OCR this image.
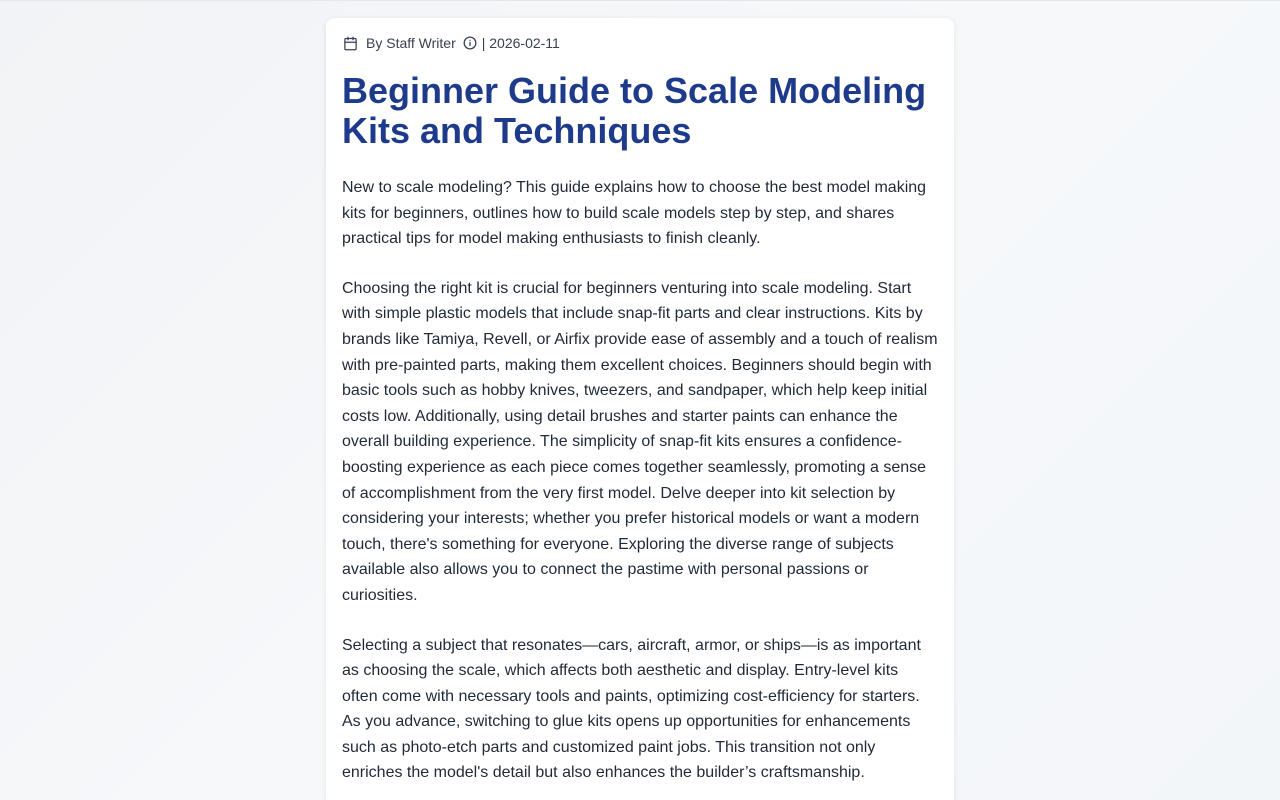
By Staff Writer | 2026-02-11
Beginner Guide to Scale Modeling Kits and Techniques

New to scale modeling? This guide explains how to choose the best model making kits for beginners, outlines how to build scale models step by step, and shares practical tips for model making enthusiasts to finish cleanly.

Choosing the right kit is crucial for beginners venturing into scale modeling. Start with simple plastic models that include snap-fit parts and clear instructions. Kits by brands like Tamiya, Revell, or Airfix provide ease of assembly and a touch of realism with pre-painted parts, making them excellent choices. Beginners should begin with basic tools such as hobby knives, tweezers, and sandpaper, which help keep initial costs low. Additionally, using detail brushes and starter paints can enhance the overall building experience. The simplicity of snap-fit kits ensures a confidence-boosting experience as each piece comes together seamlessly, promoting a sense of accomplishment from the very first model. Delve deeper into kit selection by considering your interests; whether you prefer historical models or want a modern touch, there's something for everyone. Exploring the diverse range of subjects available also allows you to connect the pastime with personal passions or curiosities.

Selecting a subject that resonates—cars, aircraft, armor, or ships—is as important as choosing the scale, which affects both aesthetic and display. Entry-level kits often come with necessary tools and paints, optimizing cost-efficiency for starters. As you advance, switching to glue kits opens up opportunities for enhancements such as photo-etch parts and customized paint jobs. This transition not only enriches the model's detail but also enhances the builder’s craftsmanship.
